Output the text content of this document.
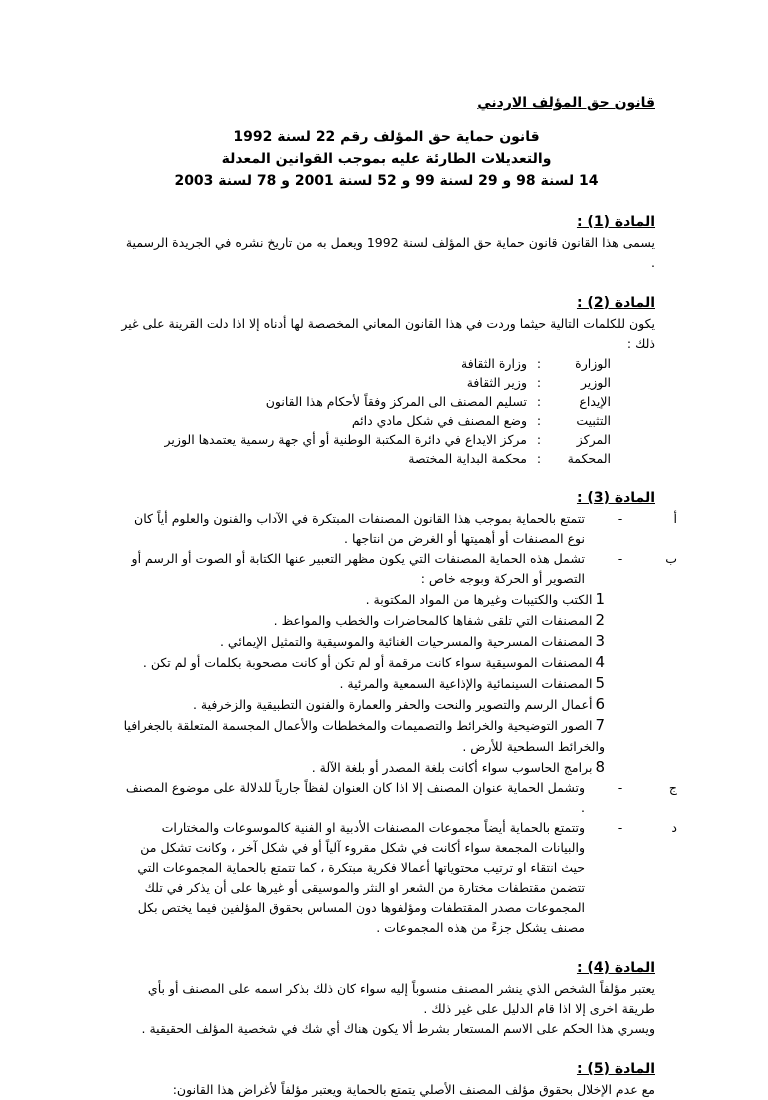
قانون حق المؤلف الاردني
قانون حماية حق المؤلف رقم 22 لسنة 1992
والتعديلات الطارئة عليه بموجب القوانين المعدلة
14 لسنة 98 و 29 لسنة 99 و 52 لسنة 2001 و 78 لسنة 2003
المادة (1) :

يسمى هذا القانون قانون حماية حق المؤلف لسنة 1992 ويعمل به من تاريخ نشره في الجريدة الرسمية .

المادة (2) :

يكون للكلمات التالية حيثما وردت في هذا القانون المعاني المخصصة لها أدناه إلا اذا دلت القرينة على غير ذلك :

الوزارة
:
وزارة الثقافة
الوزير
:
وزير الثقافة
الإيداع
:
تسليم المصنف الى المركز وفقاً لأحكام هذا القانون
التثبيت
:
وضع المصنف في شكل مادي دائم
المركز
:
مركز الايداع في دائرة المكتبة الوطنية أو أي جهة رسمية يعتمدها الوزير
المحكمة
:
محكمة البداية المختصة
المادة (3) :
أ
-
تتمتع بالحماية بموجب هذا القانون المصنفات المبتكرة في الآداب والفنون والعلوم أياً كان نوع المصنفات أو أهميتها أو الغرض من انتاجها .
ب
-
تشمل هذه الحماية المصنفات التي يكون مظهر التعبير عنها الكتابة أو الصوت أو الرسم أو التصوير أو الحركة وبوجه خاص :
1الكتب والكتيبات وغيرها من المواد المكتوبة .
2المصنفات التي تلقى شفاها كالمحاضرات والخطب والمواعظ .
3المصنفات المسرحية والمسرحيات الغنائية والموسيقية والتمثيل الإيمائي .
4المصنفات الموسيقية سواء كانت مرقمة أو لم تكن أو كانت مصحوبة بكلمات أو لم تكن .
5المصنفات السينمائية والإذاعية السمعية والمرئية .
6أعمال الرسم والتصوير والنحت والحفر والعمارة والفنون التطبيقية والزخرفية .
7الصور التوضيحية والخرائط والتصميمات والمخططات والأعمال المجسمة المتعلقة بالجغرافيا والخرائط السطحية للأرض .
8برامج الحاسوب سواء أكانت بلغة المصدر أو بلغة الآلة .
ج
-
وتشمل الحماية عنوان المصنف إلا اذا كان العنوان لفظاً جارياً للدلالة على موضوع المصنف .
د
-
وتتمتع بالحماية أيضاً مجموعات المصنفات الأدبية او الفنية كالموسوعات والمختارات والبيانات المجمعة سواء أكانت في شكل مقروء آلياً أو في شكل آخر ، وكانت تشكل من حيث انتقاء او ترتيب محتوياتها أعمالا فكرية مبتكرة ، كما تتمتع بالحماية المجموعات التي تتضمن مقتطفات مختارة من الشعر او النثر والموسيقى أو غيرها على أن يذكر في تلك المجموعات مصدر المقتطفات ومؤلفوها دون المساس بحقوق المؤلفين فيما يختص بكل مصنف يشكل جزءً من هذه المجموعات .
المادة (4) :

يعتبر مؤلفاً الشخص الذي ينشر المصنف منسوباً إليه سواء كان ذلك بذكر اسمه على المصنف أو بأي طريقة اخرى إلا اذا قام الدليل على غير ذلك .

ويسري هذا الحكم على الاسم المستعار بشرط ألا يكون هناك أي شك في شخصية المؤلف الحقيقية .

المادة (5) :

مع عدم الإخلال بحقوق مؤلف المصنف الأصلي يتمتع بالحماية ويعتبر مؤلفاً لأغراض هذا القانون:
